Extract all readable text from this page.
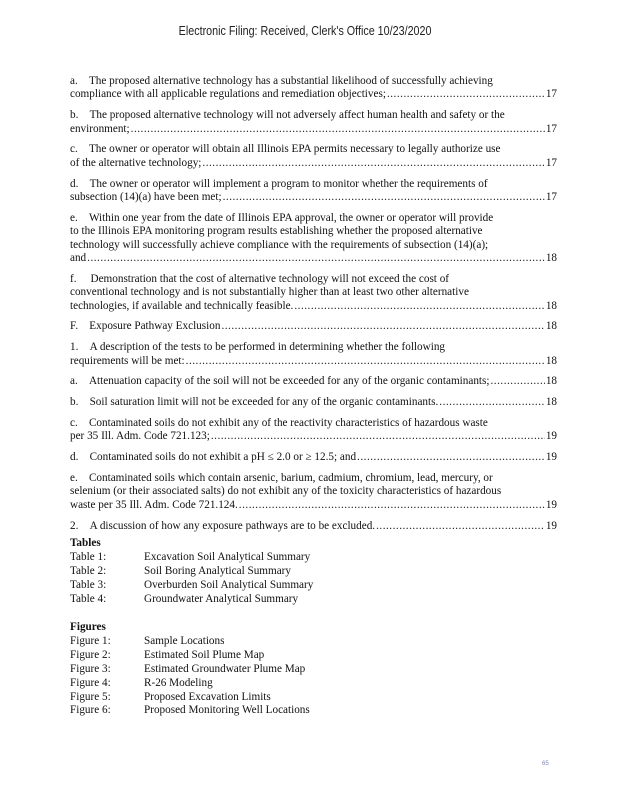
Electronic Filing: Received, Clerk's Office 10/23/2020
a.    The proposed alternative technology has a substantial likelihood of successfully achieving
compliance with all applicable regulations and remediation objectives; .....	17
b.    The proposed alternative technology will not adversely affect human health and safety or the
environment; .....	17
c.    The owner or operator will obtain all Illinois EPA permits necessary to legally authorize use
of the alternative technology; .....	17
d.    The owner or operator will implement a program to monitor whether the requirements of
subsection (14)(a) have been met; .....	17
e.    Within one year from the date of Illinois EPA approval, the owner or operator will provide
to the Illinois EPA monitoring program results establishing whether the proposed alternative
technology will successfully achieve compliance with the requirements of subsection (14)(a);
and .....	18
f.     Demonstration that the cost of alternative technology will not exceed the cost of
conventional technology and is not substantially higher than at least two other alternative
technologies, if available and technically feasible. .....	18
F.    Exposure Pathway Exclusion .....	18
1.    A description of the tests to be performed in determining whether the following
requirements will be met: .....	18
a.    Attenuation capacity of the soil will not be exceeded for any of the organic contaminants; .....	18
b.    Soil saturation limit will not be exceeded for any of the organic contaminants. .....	18
c.    Contaminated soils do not exhibit any of the reactivity characteristics of hazardous waste
per 35 Ill. Adm. Code 721.123; .....	19
d.    Contaminated soils do not exhibit a pH ≤ 2.0 or ≥ 12.5; and .....	19
e.    Contaminated soils which contain arsenic, barium, cadmium, chromium, lead, mercury, or
selenium (or their associated salts) do not exhibit any of the toxicity characteristics of hazardous
waste per 35 Ill. Adm. Code 721.124. .....	19
2.    A discussion of how any exposure pathways are to be excluded. .....	19
Tables
Table 1:	Excavation Soil Analytical Summary
Table 2:	Soil Boring Analytical Summary
Table 3:	Overburden Soil Analytical Summary
Table 4:	Groundwater Analytical Summary
Figures
Figure 1:	Sample Locations
Figure 2:	Estimated Soil Plume Map
Figure 3:	Estimated Groundwater Plume Map
Figure 4:	R-26 Modeling
Figure 5:	Proposed Excavation Limits
Figure 6:	Proposed Monitoring Well Locations
65
